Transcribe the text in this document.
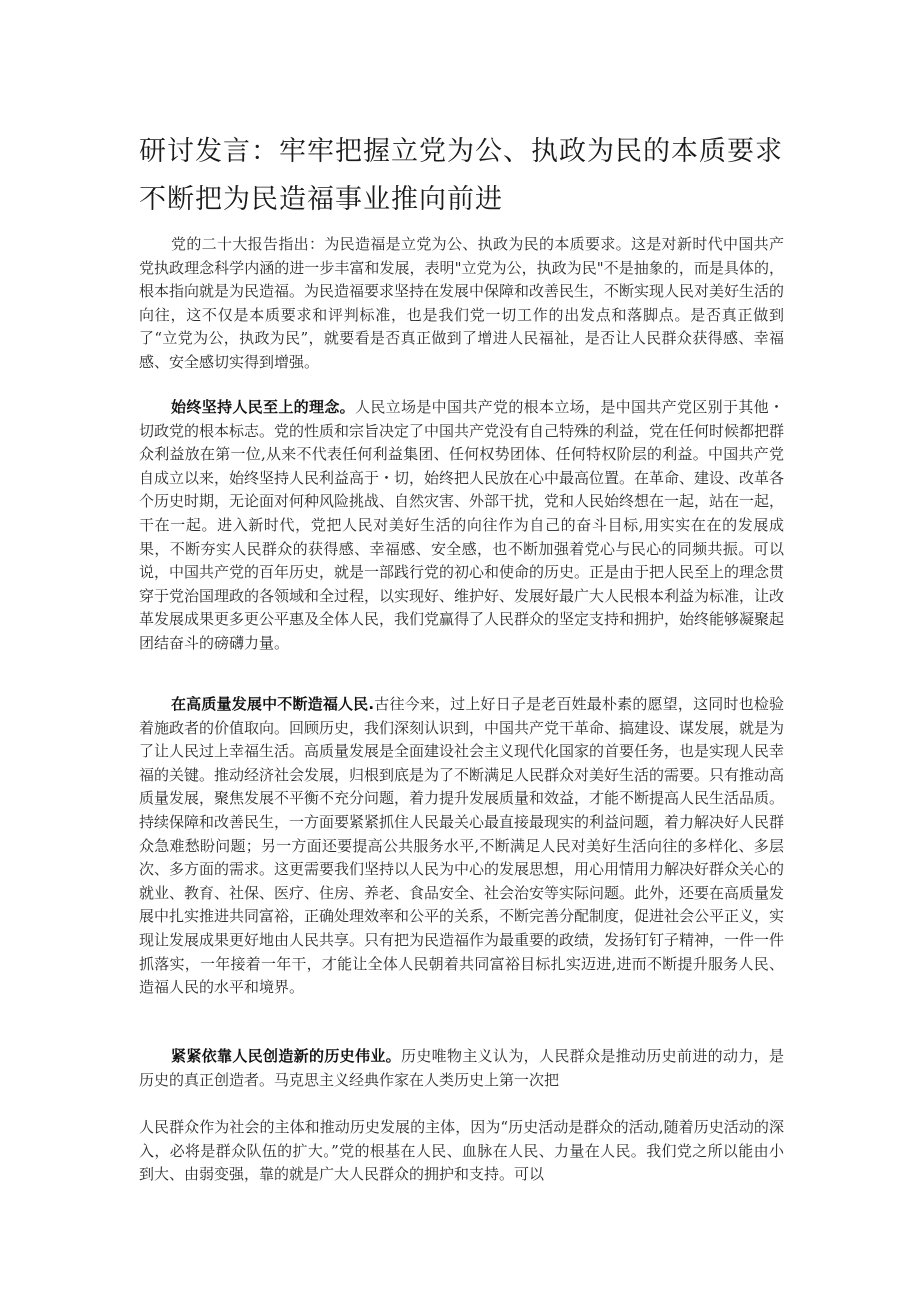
研讨发言：牢牢把握立党为公、执政为民的本质要求
不断把为民造福事业推向前进

党的二十大报告指出：为民造福是立党为公、执政为民的本质要求。这是对新时代中国共产党执政理念科学内涵的进一步丰富和发展，表明"立党为公，执政为民"不是抽象的，而是具体的，根本指向就是为民造福。为民造福要求坚持在发展中保障和改善民生，不断实现人民对美好生活的向往，这不仅是本质要求和评判标准，也是我们党一切工作的出发点和落脚点。是否真正做到了“立党为公，执政为民”，就要看是否真正做到了增进人民福祉，是否让人民群众获得感、幸福感、安全感切实得到增强。

始终坚持人民至上的理念。人民立场是中国共产党的根本立场，是中国共产党区别于其他・切政党的根本标志。党的性质和宗旨决定了中国共产党没有自己特殊的利益，党在任何时候都把群众利益放在第一位,从来不代表任何利益集团、任何权势团体、任何特权阶层的利益。中国共产党自成立以来，始终坚持人民利益高于・切，始终把人民放在心中最高位置。在革命、建设、改革各个历史时期，无论面对何种风险挑战、自然灾害、外部干扰，党和人民始终想在一起，站在一起，干在一起。进入新时代，党把人民对美好生活的向往作为自己的奋斗目标,用实实在在的发展成果，不断夯实人民群众的获得感、幸福感、安全感，也不断加强着党心与民心的同频共振。可以说，中国共产党的百年历史，就是一部践行党的初心和使命的历史。正是由于把人民至上的理念贯穿于党治国理政的各领域和全过程，以实现好、维护好、发展好最广大人民根本利益为标准，让改革发展成果更多更公平惠及全体人民，我们党赢得了人民群众的坚定支持和拥护，始终能够凝聚起团结奋斗的磅礴力量。

在高质量发展中不断造福人民.古往今来，过上好日子是老百姓最朴素的愿望，这同时也检验着施政者的价值取向。回顾历史，我们深刻认识到，中国共产党干革命、搞建设、谋发展，就是为了让人民过上幸福生活。高质量发展是全面建设社会主义现代化国家的首要任务，也是实现人民幸福的关键。推动经济社会发展，归根到底是为了不断满足人民群众对美好生活的需要。只有推动高质量发展，聚焦发展不平衡不充分问题，着力提升发展质量和效益，才能不断提高人民生活品质。持续保障和改善民生，一方面要紧紧抓住人民最关心最直接最现实的利益问题，着力解决好人民群众急难愁盼问题；另一方面还要提高公共服务水平,不断满足人民对美好生活向往的多样化、多层次、多方面的需求。这更需要我们坚持以人民为中心的发展思想，用心用情用力解决好群众关心的就业、教育、社保、医疗、住房、养老、食品安全、社会治安等实际问题。此外，还要在高质量发展中扎实推进共同富裕，正确处理效率和公平的关系，不断完善分配制度，促进社会公平正义，实现让发展成果更好地由人民共享。只有把为民造福作为最重要的政绩，发扬钉钉子精神，一件一件抓落实，一年接着一年干，才能让全体人民朝着共同富裕目标扎实迈进,进而不断提升服务人民、造福人民的水平和境界。

紧紧依靠人民创造新的历史伟业。历史唯物主义认为，人民群众是推动历史前进的动力，是历史的真正创造者。马克思主义经典作家在人类历史上第一次把

人民群众作为社会的主体和推动历史发展的主体，因为“历史活动是群众的活动,随着历史活动的深入，必将是群众队伍的扩大。”党的根基在人民、血脉在人民、力量在人民。我们党之所以能由小到大、由弱变强，靠的就是广大人民群众的拥护和支持。可以
